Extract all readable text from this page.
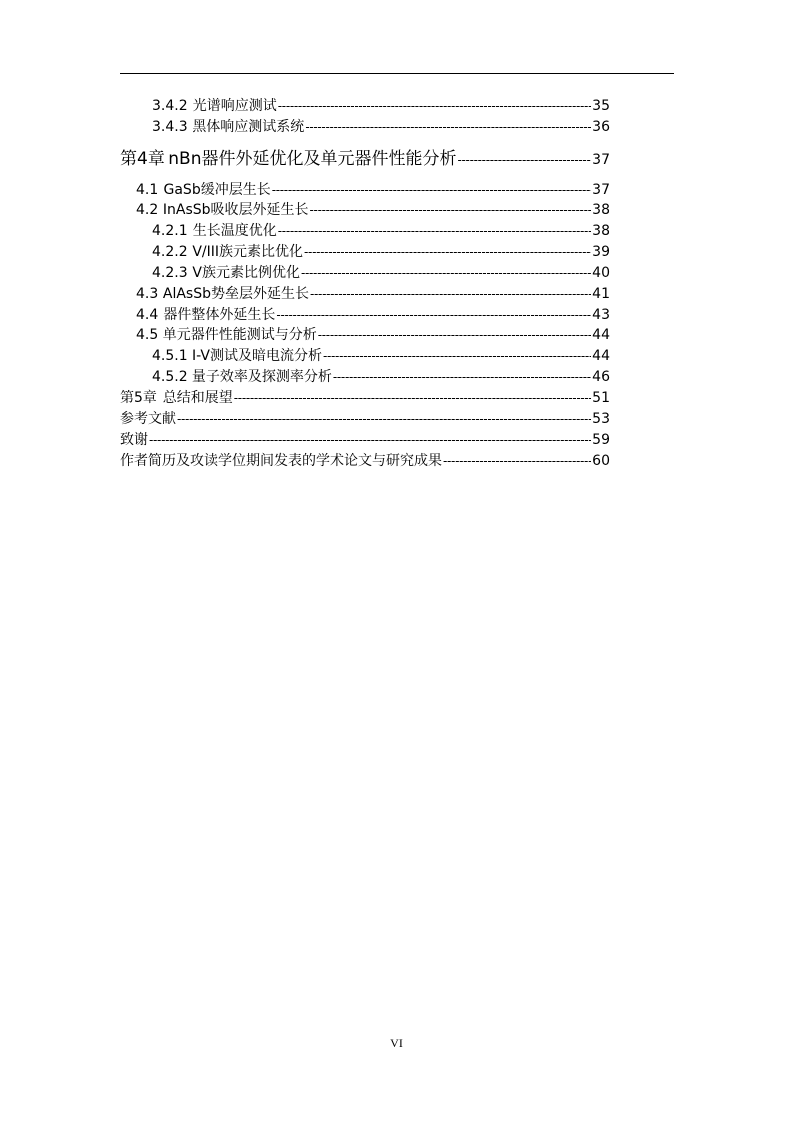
3.4.2 光谱响应测试 -----	35
3.4.3 黑体响应测试系统 -----	36
第4章 nBn器件外延优化及单元器件性能分析 -----	37
4.1 GaSb缓冲层生长 -----	37
4.2 InAsSb吸收层外延生长 -----	38
4.2.1 生长温度优化 -----	38
4.2.2 V/III族元素比优化 -----	39
4.2.3 V族元素比例优化 -----	40
4.3 AlAsSb势垒层外延生长 -----	41
4.4 器件整体外延生长 -----	43
4.5 单元器件性能测试与分析 -----	44
4.5.1 I-V测试及暗电流分析 -----	44
4.5.2 量子效率及探测率分析 -----	46
第5章 总结和展望 -----	51
参考文献 -----	53
致谢 -----	59
作者简历及攻读学位期间发表的学术论文与研究成果 -----	60
VI
